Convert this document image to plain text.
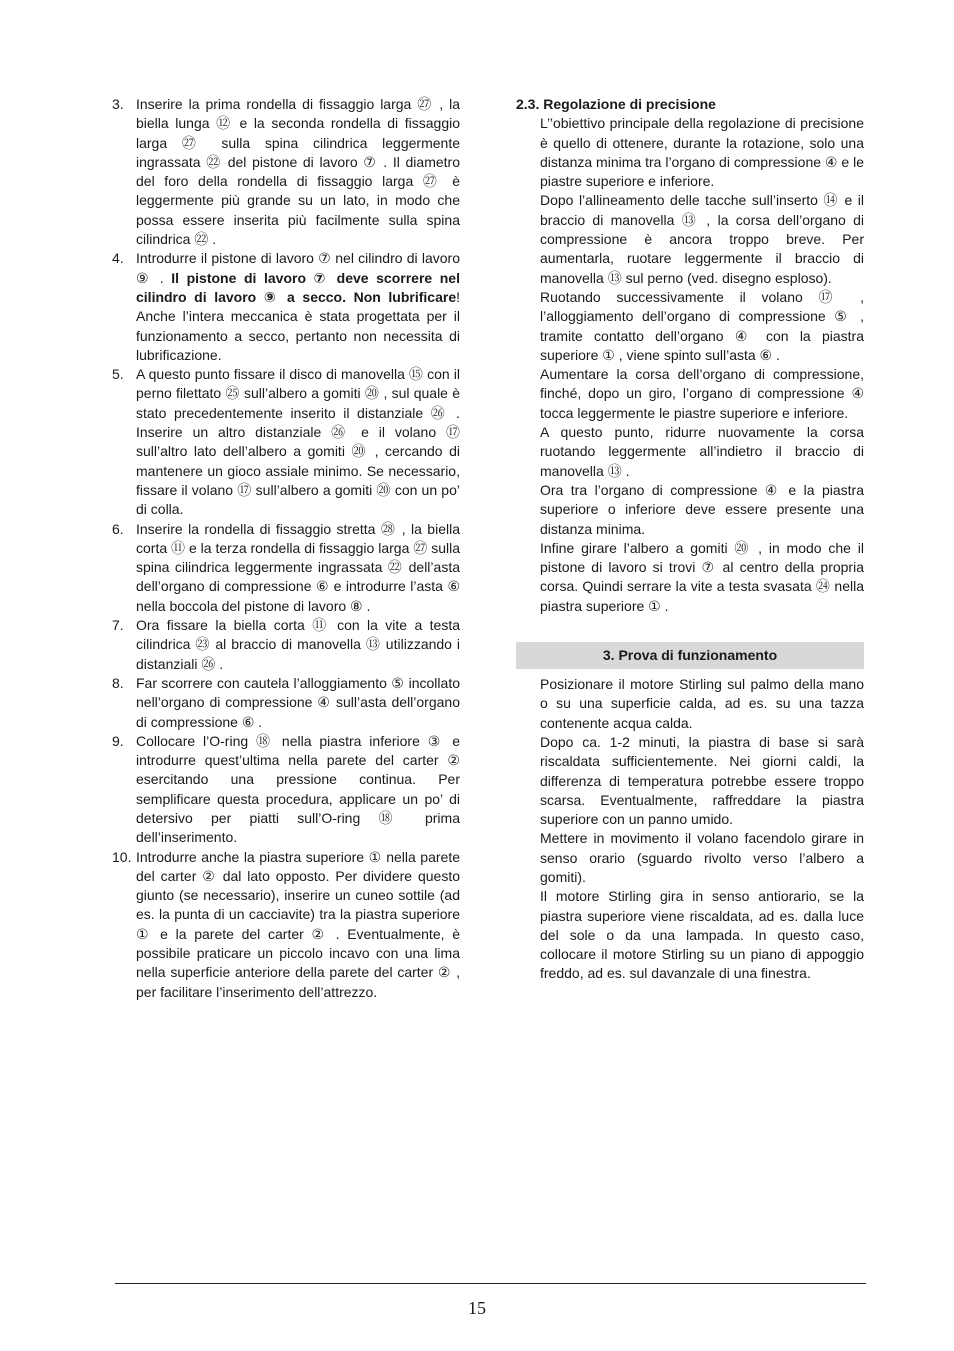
3. Inserire la prima rondella di fissaggio larga ㉗ , la biella lunga ⑫ e la seconda rondella di fissaggio larga ㉗ sulla spina cilindrica leggermente ingrassata ㉒ del pistone di lavoro ⑦ . Il diametro del foro della rondella di fissaggio larga ㉗ è leggermente più grande su un lato, in modo che possa essere inserita più facilmente sulla spina cilindrica ㉒ .
4. Introdurre il pistone di lavoro ⑦ nel cilindro di lavoro ⑨ . Il pistone di lavoro ⑦ deve scorrere nel cilindro di lavoro ⑨ a secco. Non lubrificare! Anche l’intera meccanica è stata progettata per il funzionamento a secco, pertanto non necessita di lubrificazione.
5. A questo punto fissare il disco di manovella ⑮ con il perno filettato ㉕ sull’albero a gomiti ⑳ , sul quale è stato precedentemente inserito il distanziale ㉖ . Inserire un altro distanziale ㉖ e il volano ⑰ sull’altro lato dell’albero a gomiti ⑳ , cercando di mantenere un gioco assiale minimo. Se necessario, fissare il volano ⑰ sull’albero a gomiti ⑳ con un po’ di colla.
6. Inserire la rondella di fissaggio stretta ㉘ , la biella corta ⑪ e la terza rondella di fissaggio larga ㉗ sulla spina cilindrica leggermente ingrassata ㉒ dell’asta dell’organo di compressione ⑥ e introdurre l’asta ⑥ nella boccola del pistone di lavoro ⑧ .
7. Ora fissare la biella corta ⑪ con la vite a testa cilindrica ㉓ al braccio di manovella ⑬ utilizzando i distanziali ㉖ .
8. Far scorrere con cautela l’alloggiamento ⑤ incollato nell’organo di compressione ④ sull’asta dell’organo di compressione ⑥ .
9. Collocare l’O-ring ⑱ nella piastra inferiore ③ e introdurre quest’ultima nella parete del carter ② esercitando una pressione continua. Per semplificare questa procedura, applicare un po’ di detersivo per piatti sull’O-ring ⑱ prima dell’inserimento.
10. Introdurre anche la piastra superiore ① nella parete del carter ② dal lato opposto. Per dividere questo giunto (se necessario), inserire un cuneo sottile (ad es. la punta di un cacciavite) tra la piastra superiore ① e la parete del carter ② . Eventualmente, è possibile praticare un piccolo incavo con una lima nella superficie anteriore della parete del carter ② , per facilitare l’inserimento dell’attrezzo.

2.3. Regolazione di precisione

L’’obiettivo principale della regolazione di precisione è quello di ottenere, durante la rotazione, solo una distanza minima tra l’organo di compressione ④ e le piastre superiore e inferiore.

Dopo l’allineamento delle tacche sull’inserto ⑭ e il braccio di manovella ⑬ , la corsa dell’organo di compressione è ancora troppo breve. Per aumentarla, ruotare leggermente il braccio di manovella ⑬ sul perno (ved. disegno esploso).

Ruotando successivamente il volano ⑰ , l’alloggiamento dell’organo di compressione ⑤ , tramite contatto dell’organo ④ con la piastra superiore ① , viene spinto sull’asta ⑥ .

Aumentare la corsa dell’organo di compressione, finché, dopo un giro, l’organo di compressione ④ tocca leggermente le piastre superiore e inferiore.

A questo punto, ridurre nuovamente la corsa ruotando leggermente all’indietro il braccio di manovella ⑬ .

Ora tra l’organo di compressione ④ e la piastra superiore o inferiore deve essere presente una distanza minima.

Infine girare l’albero a gomiti ⑳ , in modo che il pistone di lavoro si trovi ⑦ al centro della propria corsa. Quindi serrare la vite a testa svasata ㉔ nella piastra superiore ① .

3. Prova di funzionamento

Posizionare il motore Stirling sul palmo della mano o su una superficie calda, ad es. su una tazza contenente acqua calda.

Dopo ca. 1-2 minuti, la piastra di base si sarà riscaldata sufficientemente. Nei giorni caldi, la differenza di temperatura potrebbe essere troppo scarsa. Eventualmente, raffreddare la piastra superiore con un panno umido.

Mettere in movimento il volano facendolo girare in senso orario (sguardo rivolto verso l’albero a gomiti).

Il motore Stirling gira in senso antiorario, se la piastra superiore viene riscaldata, ad es. dalla luce del sole o da una lampada. In questo caso, collocare il motore Stirling su un piano di appoggio freddo, ad es. sul davanzale di una finestra.

15
